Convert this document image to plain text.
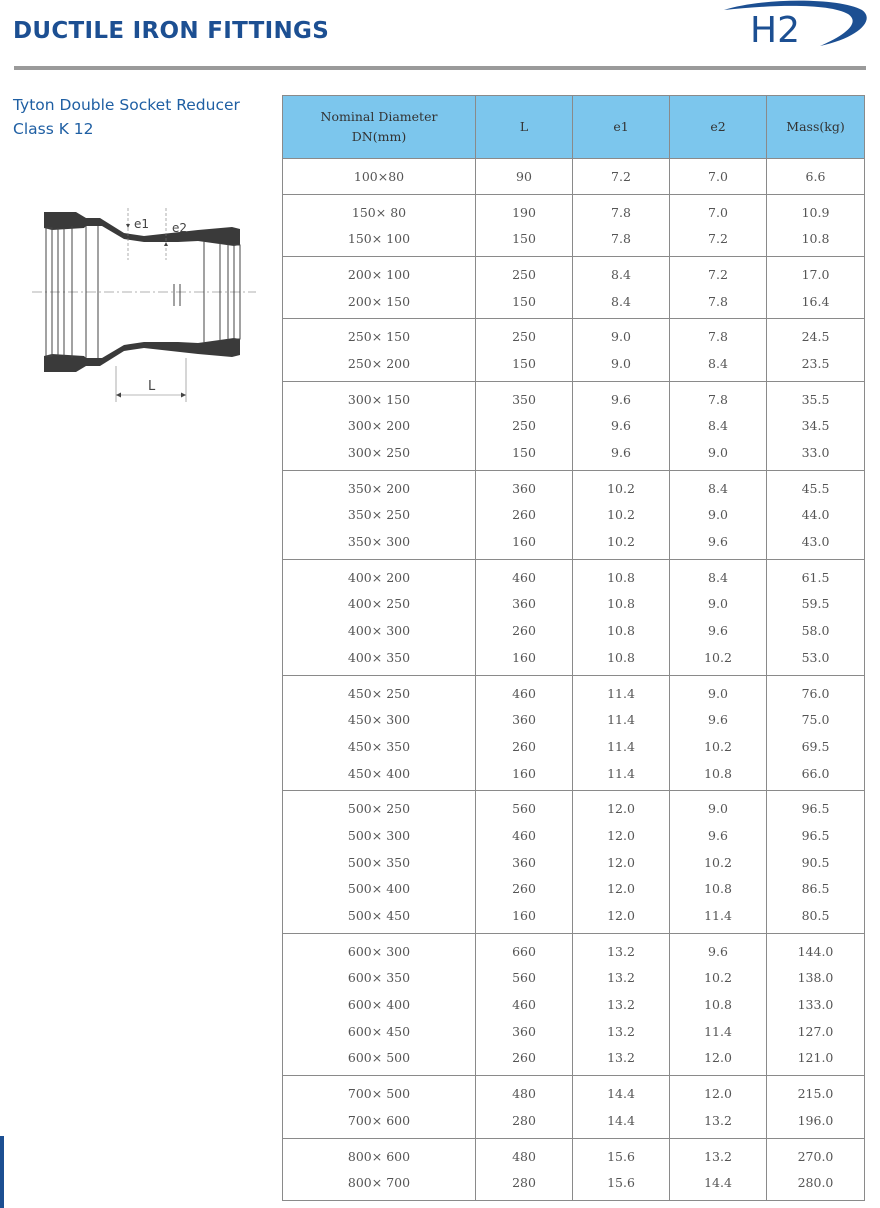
DUCTILE IRON FITTINGS	H2
Tyton Double Socket Reducer
Class K 12
e1 e2
L
Nominal Diameter DN(mm)	L	e1	e2	Mass(kg)
100×80	90	7.2	7.0	6.6
150× 80	190	7.8	7.0	10.9
150× 100	150	7.8	7.2	10.8
200× 100	250	8.4	7.2	17.0
200× 150	150	8.4	7.8	16.4
250× 150	250	9.0	7.8	24.5
250× 200	150	9.0	8.4	23.5
300× 150	350	9.6	7.8	35.5
300× 200	250	9.6	8.4	34.5
300× 250	150	9.6	9.0	33.0
350× 200	360	10.2	8.4	45.5
350× 250	260	10.2	9.0	44.0
350× 300	160	10.2	9.6	43.0
400× 200	460	10.8	8.4	61.5
400× 250	360	10.8	9.0	59.5
400× 300	260	10.8	9.6	58.0
400× 350	160	10.8	10.2	53.0
450× 250	460	11.4	9.0	76.0
450× 300	360	11.4	9.6	75.0
450× 350	260	11.4	10.2	69.5
450× 400	160	11.4	10.8	66.0
500× 250	560	12.0	9.0	96.5
500× 300	460	12.0	9.6	96.5
500× 350	360	12.0	10.2	90.5
500× 400	260	12.0	10.8	86.5
500× 450	160	12.0	11.4	80.5
600× 300	660	13.2	9.6	144.0
600× 350	560	13.2	10.2	138.0
600× 400	460	13.2	10.8	133.0
600× 450	360	13.2	11.4	127.0
600× 500	260	13.2	12.0	121.0
700× 500	480	14.4	12.0	215.0
700× 600	280	14.4	13.2	196.0
800× 600	480	15.6	13.2	270.0
800× 700	280	15.6	14.4	280.0
